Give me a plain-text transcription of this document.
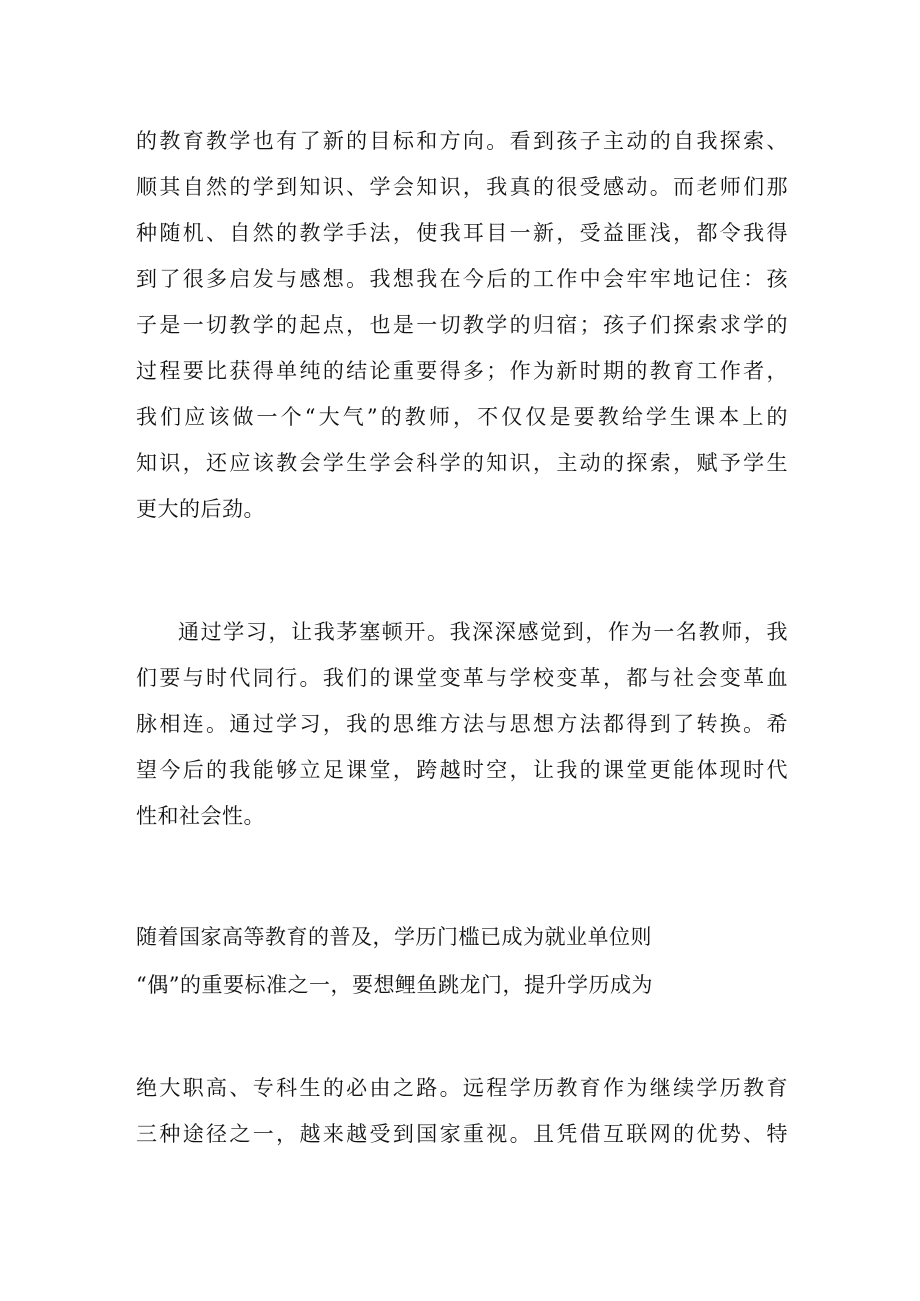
的教育教学也有了新的目标和方向。看到孩子主动的自我探索、
顺其自然的学到知识、学会知识，我真的很受感动。而老师们那
种随机、自然的教学手法，使我耳目一新，受益匪浅，都令我得
到了很多启发与感想。我想我在今后的工作中会牢牢地记住：孩
子是一切教学的起点，也是一切教学的归宿；孩子们探索求学的
过程要比获得单纯的结论重要得多；作为新时期的教育工作者，
我们应该做一个“大气”的教师，不仅仅是要教给学生课本上的
知识，还应该教会学生学会科学的知识，主动的探索，赋予学生
更大的后劲。
通过学习，让我茅塞顿开。我深深感觉到，作为一名教师，我
们要与时代同行。我们的课堂变革与学校变革，都与社会变革血
脉相连。通过学习，我的思维方法与思想方法都得到了转换。希
望今后的我能够立足课堂，跨越时空，让我的课堂更能体现时代
性和社会性。
随着国家高等教育的普及，学历门槛已成为就业单位则
“偶”的重要标准之一，要想鲤鱼跳龙门，提升学历成为
绝大职高、专科生的必由之路。远程学历教育作为继续学历教育
三种途径之一，越来越受到国家重视。且凭借互联网的优势、特
